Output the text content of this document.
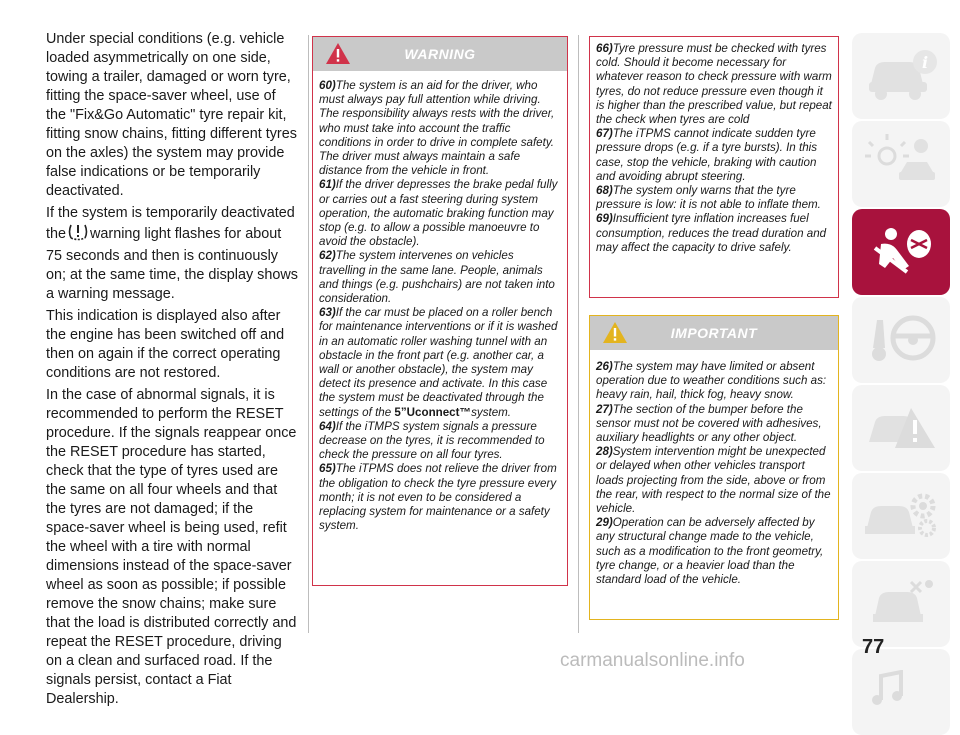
Under special conditions (e.g. vehicle loaded asymmetrically on one side, towing a trailer, damaged or worn tyre, fitting the space-saver wheel, use of the "Fix&Go Automatic" tyre repair kit, fitting snow chains, fitting different tyres on the axles) the system may provide false indications or be temporarily deactivated.

If the system is temporarily deactivated the warning light flashes for about 75 seconds and then is continuously on; at the same time, the display shows a warning message.

This indication is displayed also after the engine has been switched off and then on again if the correct operating conditions are not restored.

In the case of abnormal signals, it is recommended to perform the RESET procedure. If the signals reappear once the RESET procedure has started, check that the type of tyres used are the same on all four wheels and that the tyres are not damaged; if the space-saver wheel is being used, refit the wheel with a tire with normal dimensions instead of the space-saver wheel as soon as possible; if possible remove the snow chains; make sure that the load is distributed correctly and repeat the RESET procedure, driving on a clean and surfaced road. If the signals persist, contact a Fiat Dealership.

WARNING

60)The system is an aid for the driver, who must always pay full attention while driving. The responsibility always rests with the driver, who must take into account the traffic conditions in order to drive in complete safety. The driver must always maintain a safe distance from the vehicle in front.

61)If the driver depresses the brake pedal fully or carries out a fast steering during system operation, the automatic braking function may stop (e.g. to allow a possible manoeuvre to avoid the obstacle).

62)The system intervenes on vehicles travelling in the same lane. People, animals and things (e.g. pushchairs) are not taken into consideration.

63)If the car must be placed on a roller bench for maintenance interventions or if it is washed in an automatic roller washing tunnel with an obstacle in the front part (e.g. another car, a wall or another obstacle), the system may detect its presence and activate. In this case the system must be deactivated through the settings of the 5”Uconnect™system.

64)If the iTMPS system signals a pressure decrease on the tyres, it is recommended to check the pressure on all four tyres.

65)The iTPMS does not relieve the driver from the obligation to check the tyre pressure every month; it is not even to be considered a replacing system for maintenance or a safety system.

66)Tyre pressure must be checked with tyres cold. Should it become necessary for whatever reason to check pressure with warm tyres, do not reduce pressure even though it is higher than the prescribed value, but repeat the check when tyres are cold

67)The iTPMS cannot indicate sudden tyre pressure drops (e.g. if a tyre bursts). In this case, stop the vehicle, braking with caution and avoiding abrupt steering.

68)The system only warns that the tyre pressure is low: it is not able to inflate them.

69)Insufficient tyre inflation increases fuel consumption, reduces the tread duration and may affect the capacity to drive safely.

IMPORTANT

26)The system may have limited or absent operation due to weather conditions such as: heavy rain, hail, thick fog, heavy snow.

27)The section of the bumper before the sensor must not be covered with adhesives, auxiliary headlights or any other object.

28)System intervention might be unexpected or delayed when other vehicles transport loads projecting from the side, above or from the rear, with respect to the normal size of the vehicle.

29)Operation can be adversely affected by any structural change made to the vehicle, such as a modification to the front geometry, tyre change, or a heavier load than the standard load of the vehicle.

i
77
carmanualsonline.info
